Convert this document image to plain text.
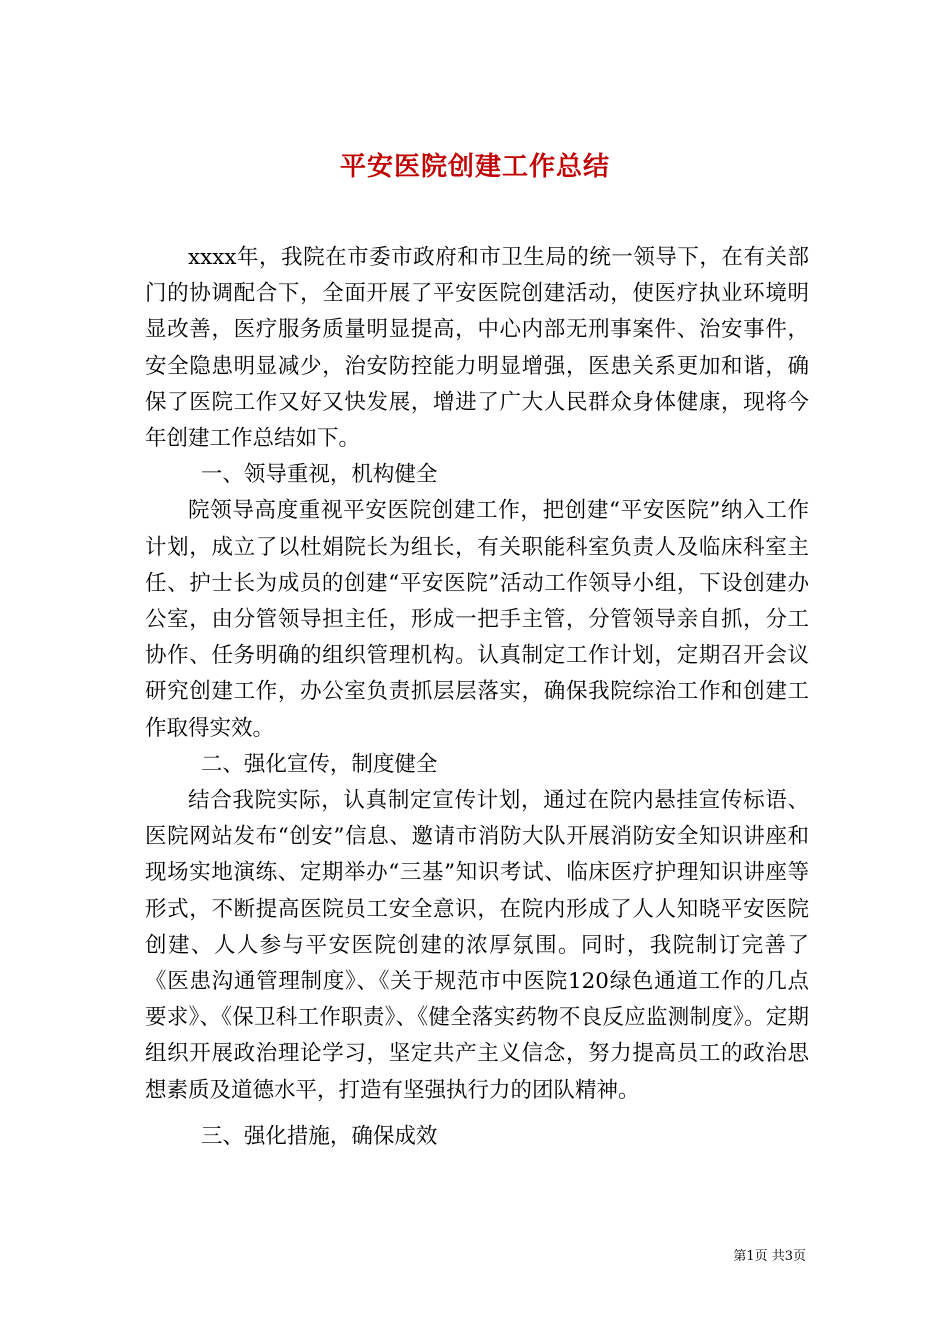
平安医院创建工作总结

xxxx年，我院在市委市政府和市卫生局的统一领导下，在有关部门的协调配合下，全面开展了平安医院创建活动，使医疗执业环境明显改善，医疗服务质量明显提高，中心内部无刑事案件、治安事件，安全隐患明显减少，治安防控能力明显增强，医患关系更加和谐，确保了医院工作又好又快发展，增进了广大人民群众身体健康，现将今年创建工作总结如下。

一、领导重视，机构健全

院领导高度重视平安医院创建工作，把创建“平安医院”纳入工作计划，成立了以杜娟院长为组长，有关职能科室负责人及临床科室主任、护士长为成员的创建“平安医院”活动工作领导小组，下设创建办公室，由分管领导担主任，形成一把手主管，分管领导亲自抓，分工协作、任务明确的组织管理机构。认真制定工作计划，定期召开会议研究创建工作，办公室负责抓层层落实，确保我院综治工作和创建工作取得实效。

二、强化宣传，制度健全

结合我院实际，认真制定宣传计划，通过在院内悬挂宣传标语、医院网站发布“创安”信息、邀请市消防大队开展消防安全知识讲座和现场实地演练、定期举办“三基”知识考试、临床医疗护理知识讲座等形式，不断提高医院员工安全意识，在院内形成了人人知晓平安医院创建、人人参与平安医院创建的浓厚氛围。同时，我院制订完善了《医患沟通管理制度》、《关于规范市中医院120绿色通道工作的几点要求》、《保卫科工作职责》、《健全落实药物不良反应监测制度》。定期组织开展政治理论学习，坚定共产主义信念，努力提高员工的政治思想素质及道德水平，打造有坚强执行力的团队精神。

三、强化措施，确保成效

第1页 共3页
